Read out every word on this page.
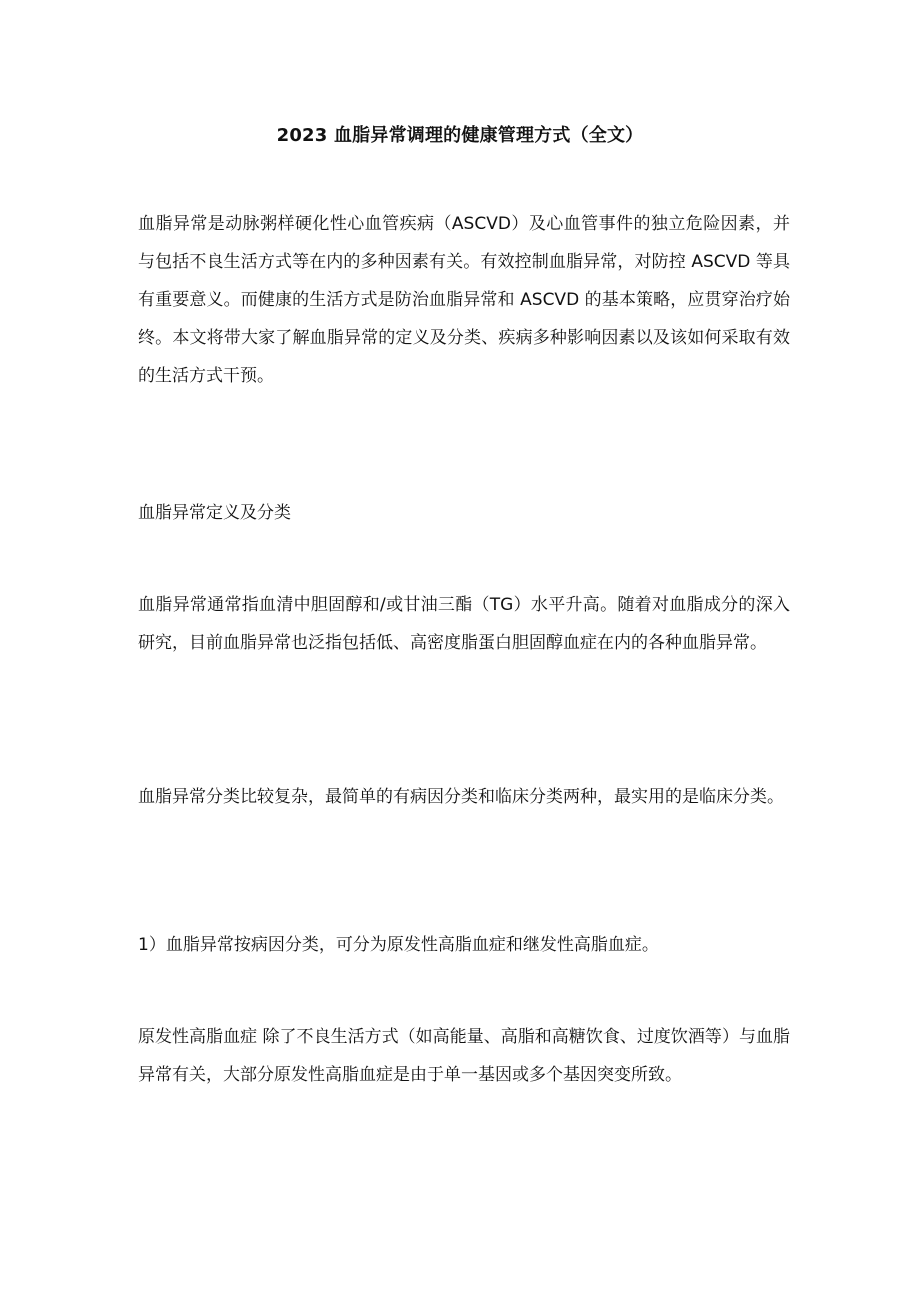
2023 血脂异常调理的健康管理方式（全文）

血脂异常是动脉粥样硬化性心血管疾病（ASCVD）及心血管事件的独立危险因素，并与包括不良生活方式等在内的多种因素有关。有效控制血脂异常，对防控 ASCVD 等具有重要意义。而健康的生活方式是防治血脂异常和 ASCVD 的基本策略，应贯穿治疗始终。本文将带大家了解血脂异常的定义及分类、疾病多种影响因素以及该如何采取有效的生活方式干预。

血脂异常定义及分类

血脂异常通常指血清中胆固醇和/或甘油三酯（TG）水平升高。随着对血脂成分的深入研究，目前血脂异常也泛指包括低、高密度脂蛋白胆固醇血症在内的各种血脂异常。

血脂异常分类比较复杂，最简单的有病因分类和临床分类两种，最实用的是临床分类。

1）血脂异常按病因分类，可分为原发性高脂血症和继发性高脂血症。

原发性高脂血症 除了不良生活方式（如高能量、高脂和高糖饮食、过度饮酒等）与血脂异常有关，大部分原发性高脂血症是由于单一基因或多个基因突变所致。
